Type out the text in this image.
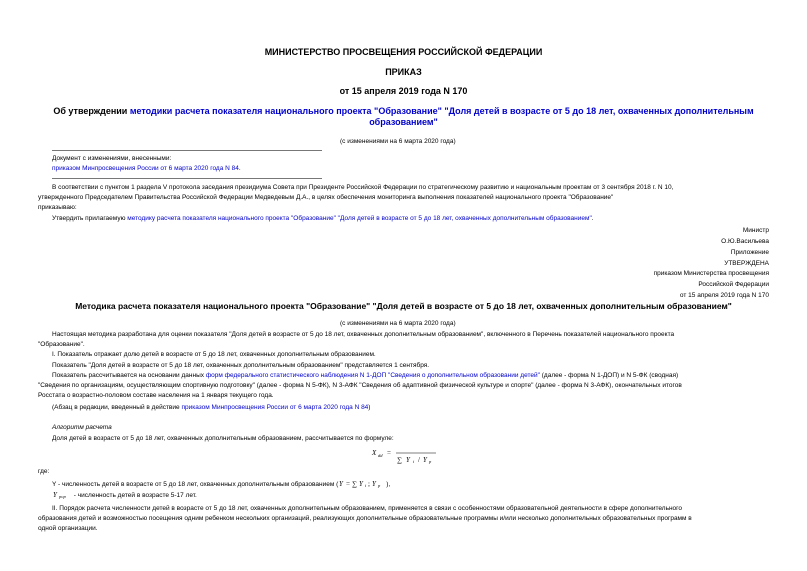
МИНИСТЕРСТВО ПРОСВЕЩЕНИЯ РОССИЙСКОЙ ФЕДЕРАЦИИ
ПРИКАЗ
от 15 апреля 2019 года N 170
Об утверждении методики расчета показателя национального проекта "Образование" "Доля детей в возрасте от 5 до 18 лет, охваченных дополнительным
образованием"
(с изменениями на 6 марта 2020 года)
Документ с изменениями, внесенными:
приказом Минпросвещения России от 6 марта 2020 года N 84.
В соответствии с пунктом 1 раздела V протокола заседания президиума Совета при Президенте Российской Федерации по стратегическому развитию и национальным проектам от 3 сентября 2018 г. N 10,
утвержденного Председателем Правительства Российской Федерации Медведевым Д.А., в целях обеспечения мониторинга выполнения показателей национального проекта "Образование"
приказываю:
Утвердить прилагаемую методику расчета показателя национального проекта "Образование" "Доля детей в возрасте от 5 до 18 лет, охваченных дополнительным образованием".
Министр
О.Ю.Васильева
Приложение
УТВЕРЖДЕНА
приказом Министерства просвещения
Российской Федерации
от 15 апреля 2019 года N 170
Методика расчета показателя национального проекта "Образование" "Доля детей в возрасте от 5 до 18 лет, охваченных дополнительным образованием"
(с изменениями на 6 марта 2020 года)
Настоящая методика разработана для оценки показателя "Доля детей в возрасте от 5 до 18 лет, охваченных дополнительным образованием", включенного в Перечень показателей национального проекта
"Образование".
I. Показатель отражает долю детей в возрасте от 5 до 18 лет, охваченных дополнительным образованием.
Показатель "Доля детей в возрасте от 5 до 18 лет, охваченных дополнительным образованием" представляется 1 сентября.
Показатель рассчитывается на основании данных форм федерального статистического наблюдения N 1-ДОП "Сведения о дополнительном образовании детей" (далее - форма N 1-ДОП) и N 5-ФК (сводная)
"Сведения по организациям, осуществляющим спортивную подготовку" (далее - форма N 5-ФК), N 3-АФК "Сведения об адаптивной физической культуре и спорте" (далее - форма N 3-АФК), окончательных итогов
Росстата о возрастно-половом составе населения на 1 января текущего года.
(Абзац в редакции, введенный в действие приказом Минпросвещения России от 6 марта 2020 года N 84)
Алгоритм расчета
Доля детей в возрасте от 5 до 18 лет, охваченных дополнительным образованием, рассчитывается по формуле:
X dd =
∑ Y i / Y p
где:
Y - численность детей в возрасте от 5 до 18 лет, охваченных дополнительным образованием ( Y = ∑ Y i ; Y p ),
Y pop - численность детей в возрасте 5-17 лет.
II. Порядок расчета численности детей в возрасте от 5 до 18 лет, охваченных дополнительным образованием, применяется в связи с особенностями образовательной деятельности в сфере дополнительного
образования детей и возможностью посещения одним ребенком нескольких организаций, реализующих дополнительные образовательные программы и/или несколько дополнительных образовательных программ в
одной организации.
